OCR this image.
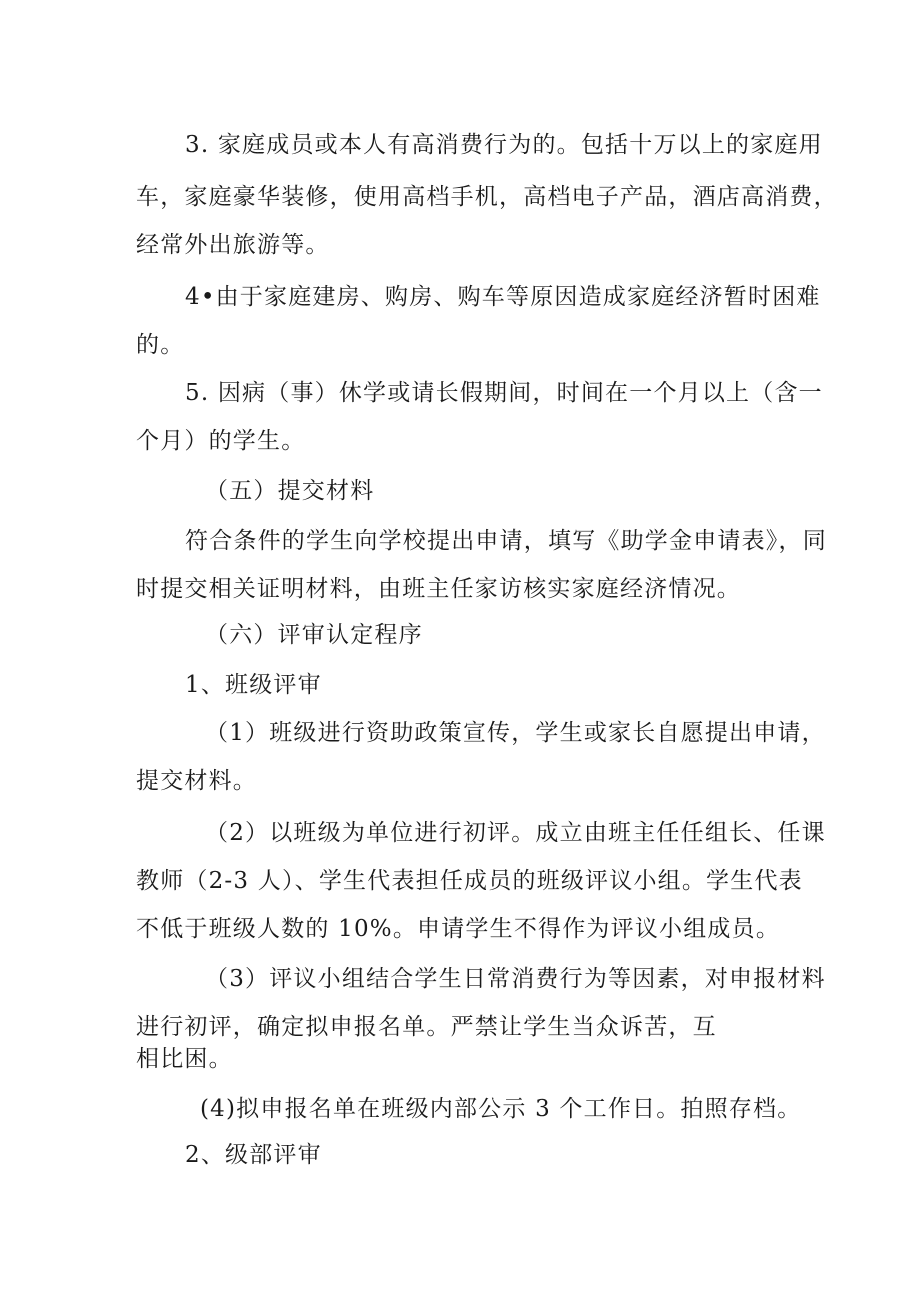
3. 家庭成员或本人有高消费行为的。包括十万以上的家庭用
车，家庭豪华装修，使用高档手机，高档电子产品，酒店高消费，
经常外出旅游等。
4•由于家庭建房、购房、购车等原因造成家庭经济暂时困难
的。
5. 因病（事）休学或请长假期间，时间在一个月以上（含一
个月）的学生。
（五）提交材料
符合条件的学生向学校提出申请，填写《助学金申请表》，同
时提交相关证明材料，由班主任家访核实家庭经济情况。
（六）评审认定程序
1、班级评审
（1）班级进行资助政策宣传，学生或家长自愿提出申请，
提交材料。
（2）以班级为单位进行初评。成立由班主任任组长、任课
教师（2-3 人）、学生代表担任成员的班级评议小组。学生代表
不低于班级人数的 10%。申请学生不得作为评议小组成员。
（3）评议小组结合学生日常消费行为等因素，对申报材料
进行初评，确定拟申报名单。严禁让学生当众诉苦，互
相比困。
(4)拟申报名单在班级内部公示 3 个工作日。拍照存档。
2、级部评审
